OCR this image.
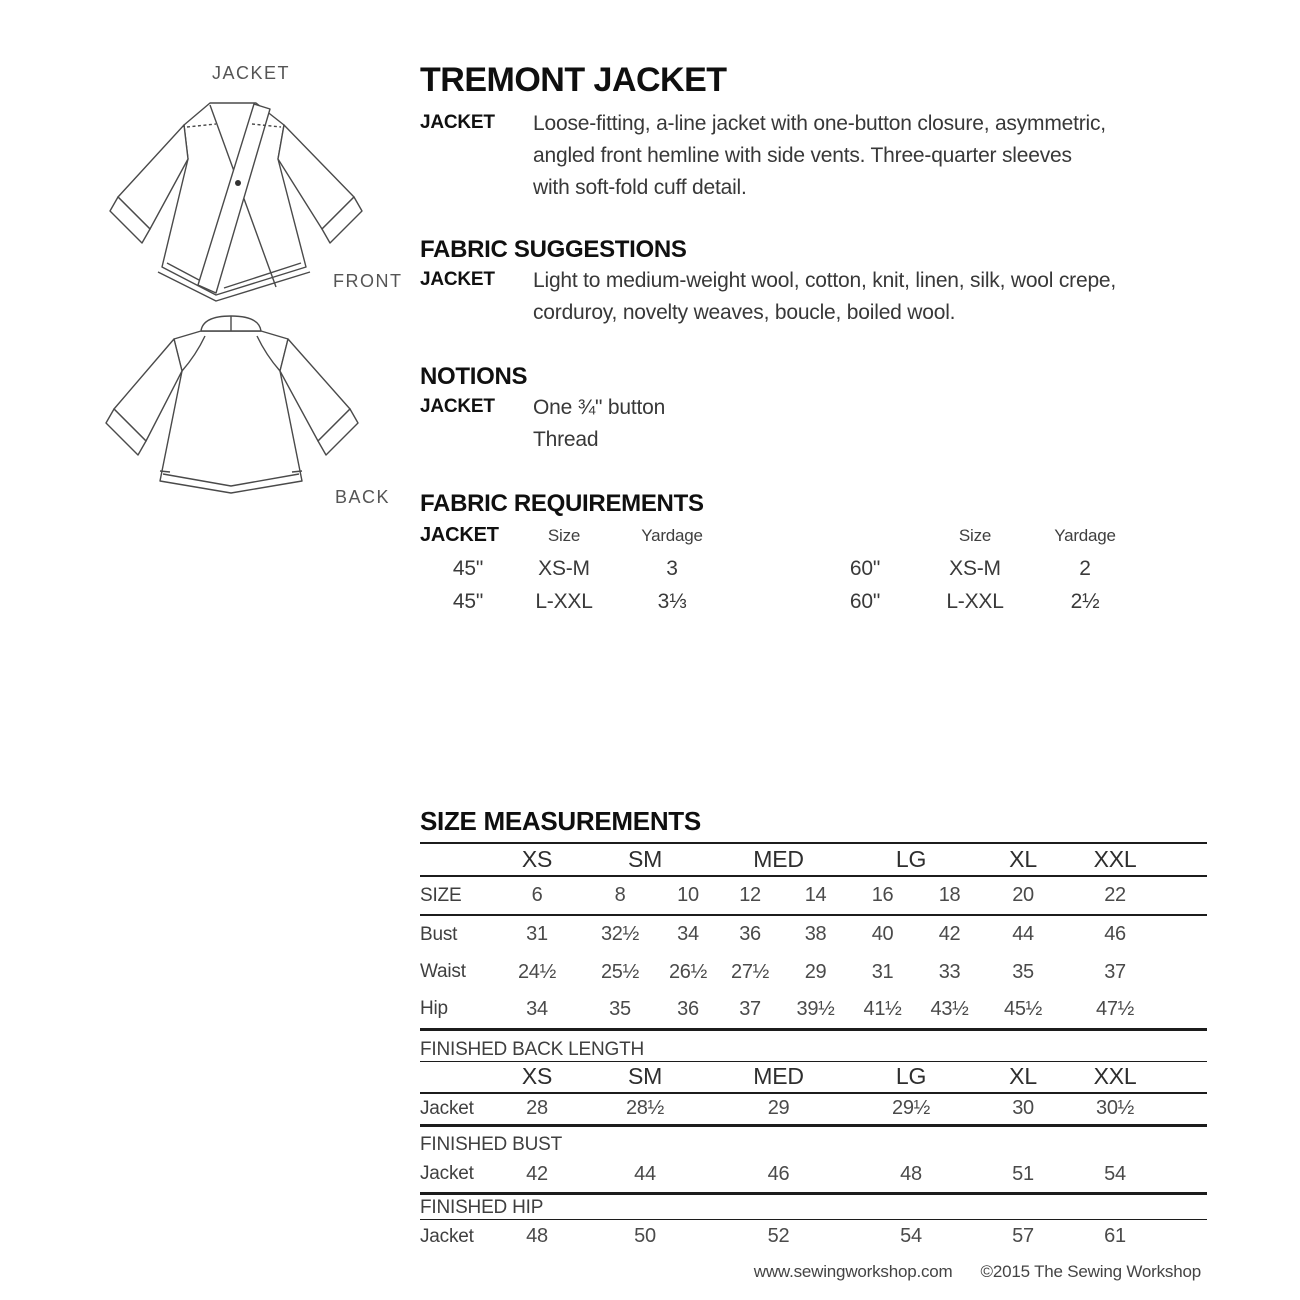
JACKET
FRONT
BACK
TREMONT JACKET
JACKET	Loose-fitting, a-line jacket with one-button closure, asymmetric,
angled front hemline with side vents. Three-quarter sleeves
with soft-fold cuff detail.
FABRIC SUGGESTIONS
JACKET	Light to medium-weight wool, cotton, knit, linen, silk, wool crepe,
corduroy, novelty weaves, boucle, boiled wool.
NOTIONS
JACKET	One ¾" button
Thread
FABRIC REQUIREMENTS
JACKET	Size	Yardage	Size	Yardage
45"	XS-M	3	60"	XS-M	2
45"	L-XXL	3⅓	60"	L-XXL	2½
SIZE MEASUREMENTS
	XS	SM		MED		LG		XL	XXL
SIZE	6	8	10	12	14	16	18	20	22
Bust	31	32½	34	36	38	40	42	44	46
Waist	24½	25½	26½	27½	29	31	33	35	37
Hip	34	35	36	37	39½	41½	43½	45½	47½
FINISHED BACK LENGTH
	XS	SM	MED	LG	XL	XXL
Jacket	28	28½	29	29½	30	30½
FINISHED BUST
Jacket	42	44	46	48	51	54
FINISHED HIP
Jacket	48	50	52	54	57	61
www.sewingworkshop.com ©2015 The Sewing Workshop
